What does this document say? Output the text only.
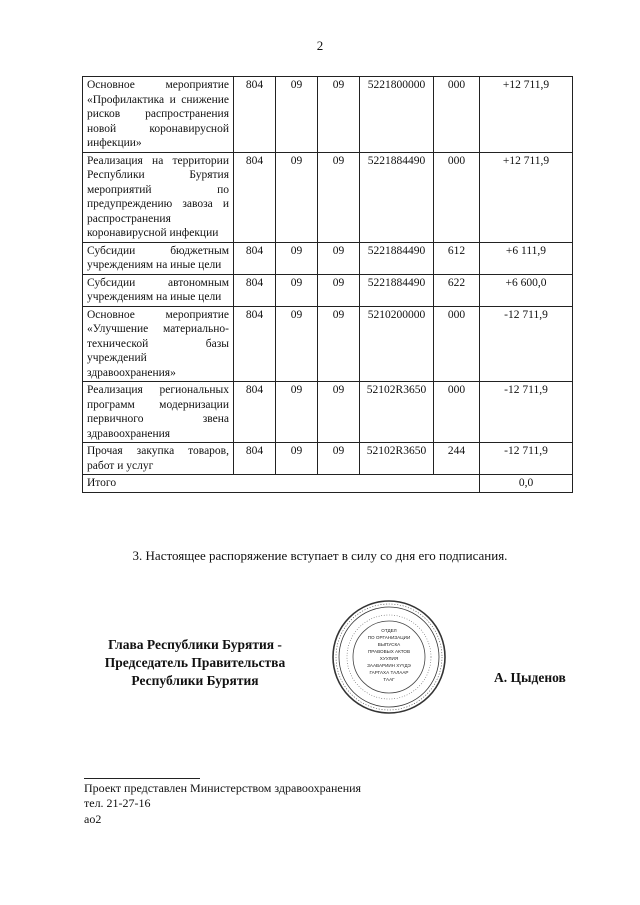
2
Основное мероприятие «Профилактика и снижение рисков распространения новой коронавирусной инфекции»	804	09	09	5221800000	000	+12 711,9
Реализация на территории Республики Бурятия мероприятий по предупреждению завоза и распространения коронавирусной инфекции	804	09	09	5221884490	000	+12 711,9
Субсидии бюджетным учреждениям на иные цели	804	09	09	5221884490	612	+6 111,9
Субсидии автономным учреждениям на иные цели	804	09	09	5221884490	622	+6 600,0
Основное мероприятие «Улучшение материально-технической базы учреждений здравоохранения»	804	09	09	5210200000	000	-12 711,9
Реализация региональных программ модернизации первичного звена здравоохранения	804	09	09	52102R3650	000	-12 711,9
Прочая закупка товаров, работ и услуг	804	09	09	52102R3650	244	-12 711,9
Итого						0,0
3. Настоящее распоряжение вступает в силу со дня его подписания.
Глава Республики Бурятия -
Председатель Правительства
Республики Бурятия
ОТДЕЛ
ПО ОРГАНИЗАЦИИ
ВЫПУСКА
ПРАВОВЫХ АКТОВ
ХУУЛИЯ
ЗААВАРИИН ХҮҮДЭ
ГАРГАХА ТАЛААР
ТААГ	А. Цыденов
Проект представлен Министерством здравоохранения
тел. 21-27-16
ао2
